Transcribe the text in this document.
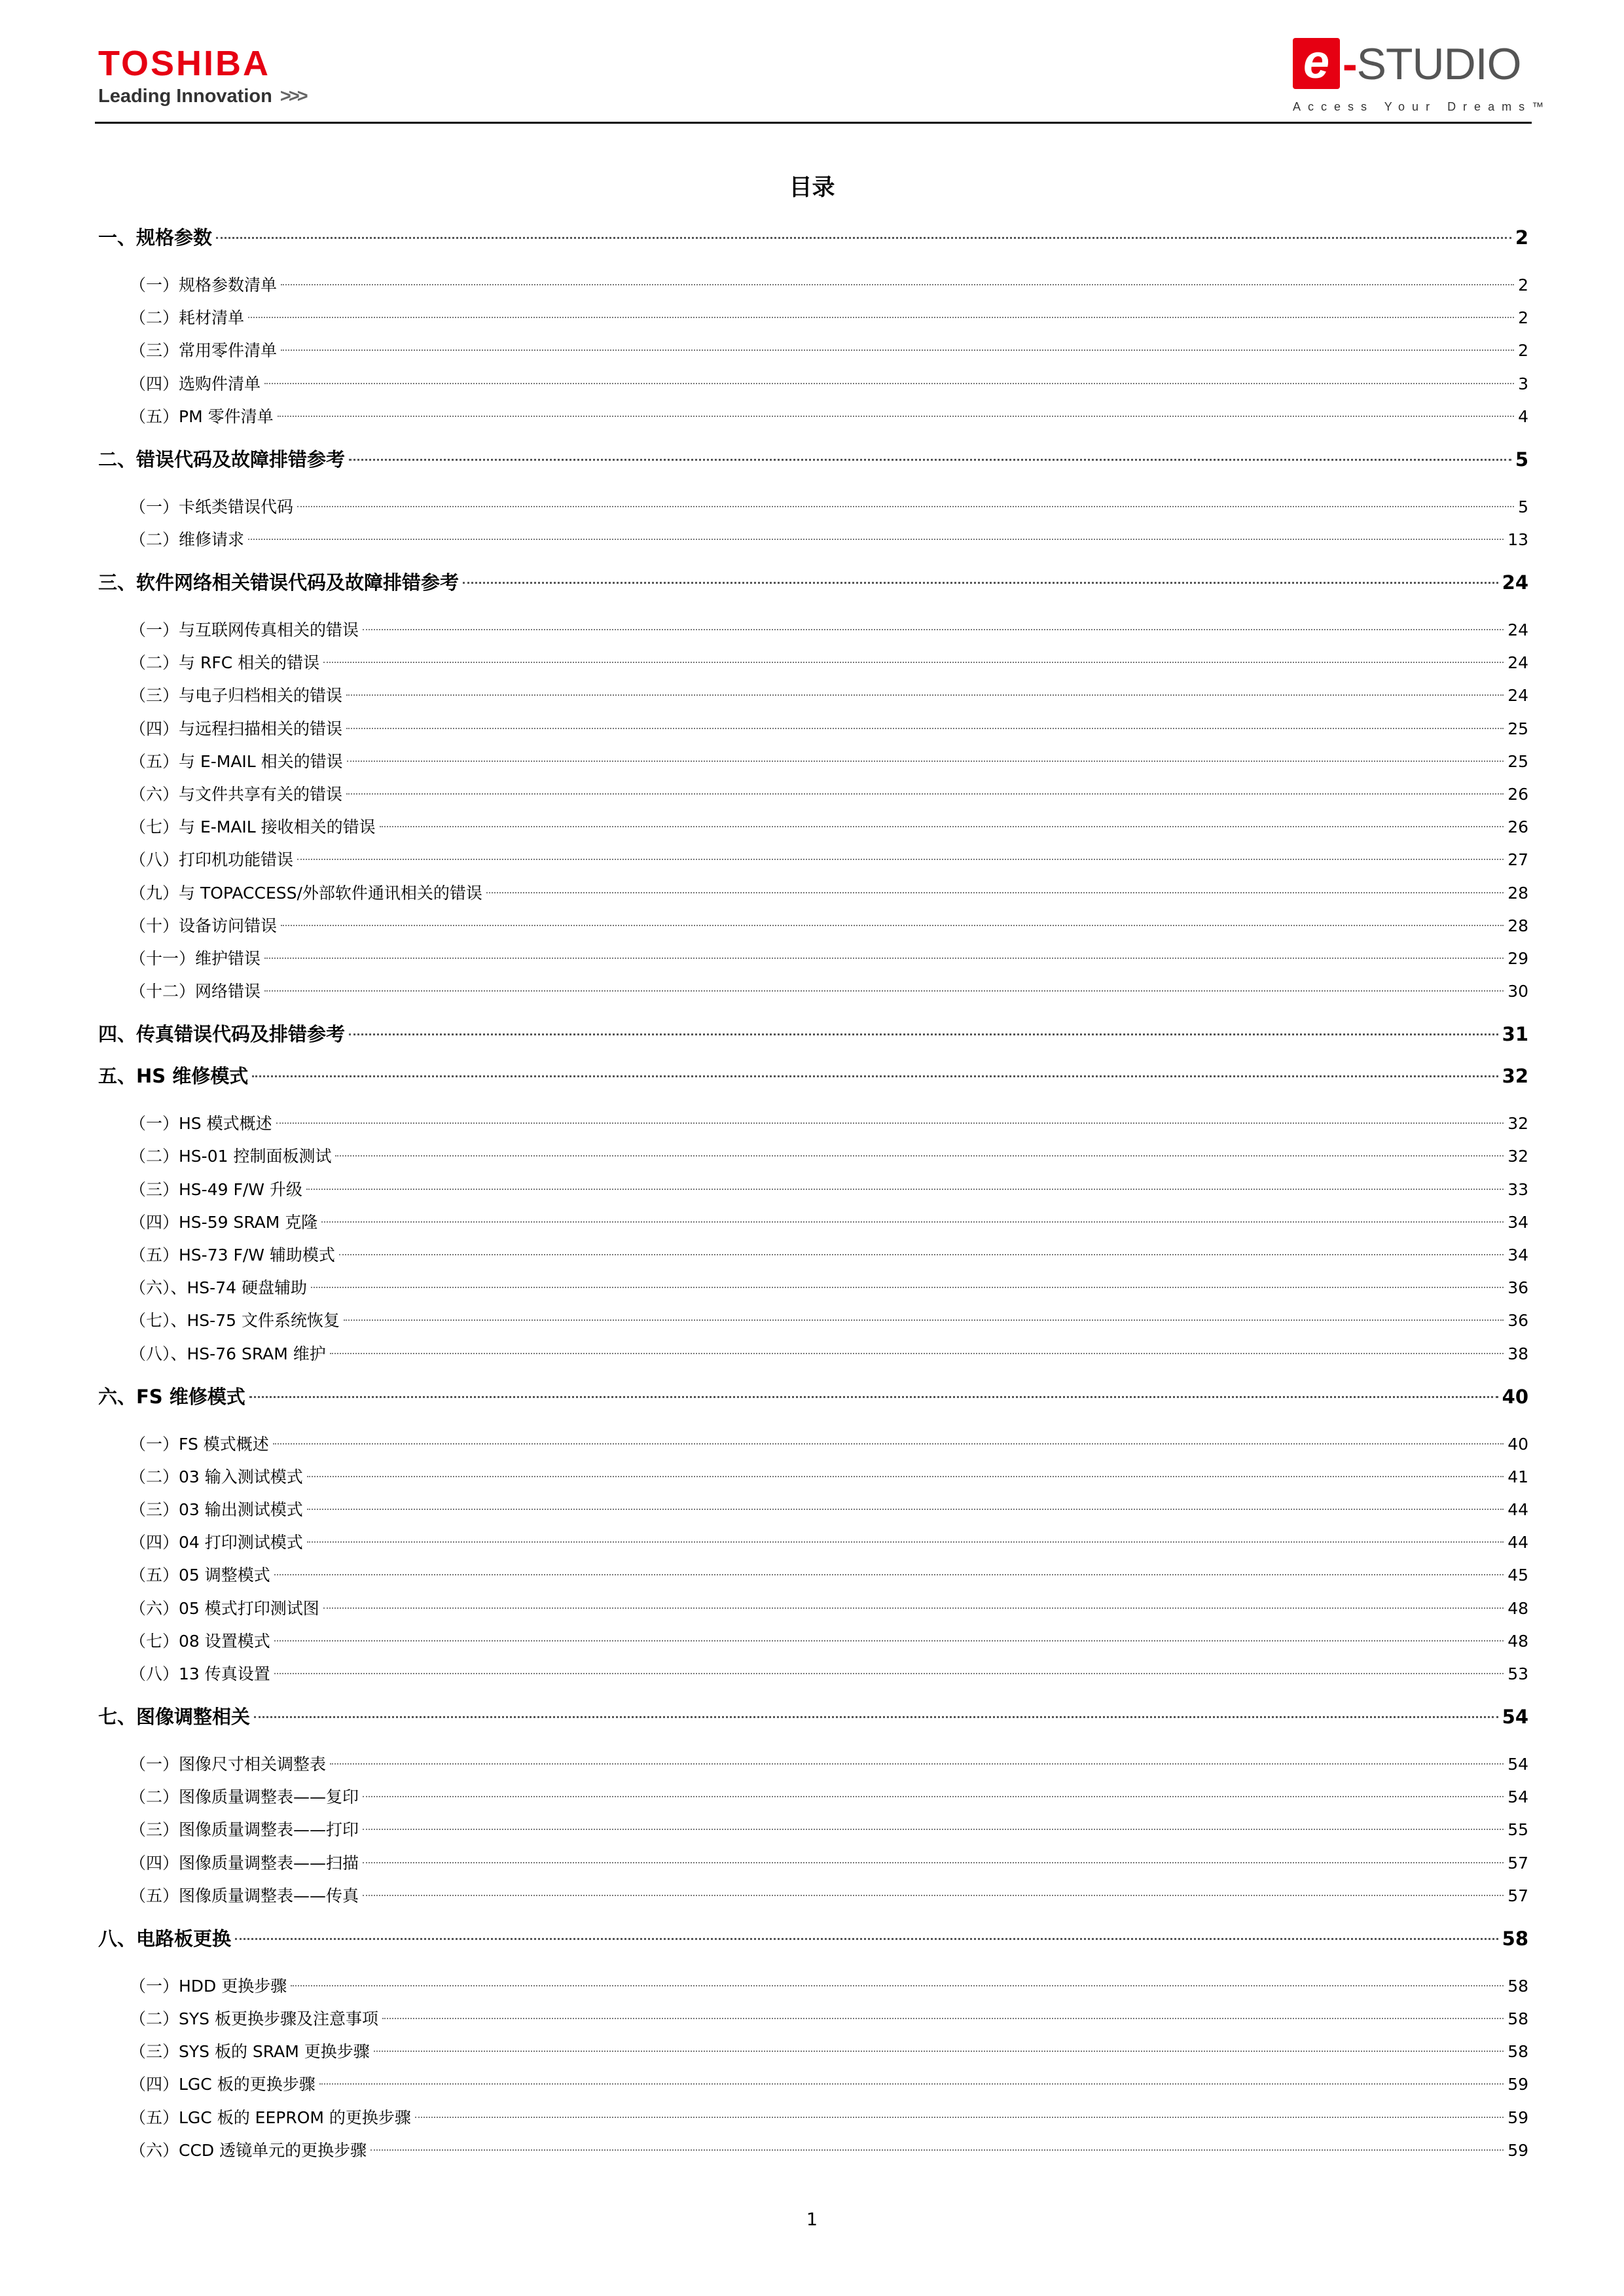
TOSHIBA
Leading Innovation >>>
e -STUDIO
Access Your Dreams™
目录
一、规格参数	2
（一）规格参数清单	2
（二）耗材清单	2
（三）常用零件清单	2
（四）选购件清单	3
（五）PM 零件清单	4
二、错误代码及故障排错参考	5
（一）卡纸类错误代码	5
（二）维修请求	13
三、软件网络相关错误代码及故障排错参考	24
（一）与互联网传真相关的错误	24
（二）与 RFC 相关的错误	24
（三）与电子归档相关的错误	24
（四）与远程扫描相关的错误	25
（五）与 E-MAIL 相关的错误	25
（六）与文件共享有关的错误	26
（七）与 E-MAIL 接收相关的错误	26
（八）打印机功能错误	27
（九）与 TOPACCESS/外部软件通讯相关的错误	28
（十）设备访问错误	28
（十一）维护错误	29
（十二）网络错误	30
四、传真错误代码及排错参考	31
五、HS 维修模式	32
（一）HS 模式概述	32
（二）HS-01 控制面板测试	32
（三）HS-49 F/W 升级	33
（四）HS-59 SRAM 克隆	34
（五）HS-73 F/W 辅助模式	34
（六）、HS-74 硬盘辅助	36
（七）、HS-75 文件系统恢复	36
（八）、HS-76 SRAM 维护	38
六、FS 维修模式	40
（一）FS 模式概述	40
（二）03 输入测试模式	41
（三）03 输出测试模式	44
（四）04 打印测试模式	44
（五）05 调整模式	45
（六）05 模式打印测试图	48
（七）08 设置模式	48
（八）13 传真设置	53
七、图像调整相关	54
（一）图像尺寸相关调整表	54
（二）图像质量调整表——复印	54
（三）图像质量调整表——打印	55
（四）图像质量调整表——扫描	57
（五）图像质量调整表——传真	57
八、电路板更换	58
（一）HDD 更换步骤	58
（二）SYS 板更换步骤及注意事项	58
（三）SYS 板的 SRAM 更换步骤	58
（四）LGC 板的更换步骤	59
（五）LGC 板的 EEPROM 的更换步骤	59
（六）CCD 透镜单元的更换步骤	59
1
